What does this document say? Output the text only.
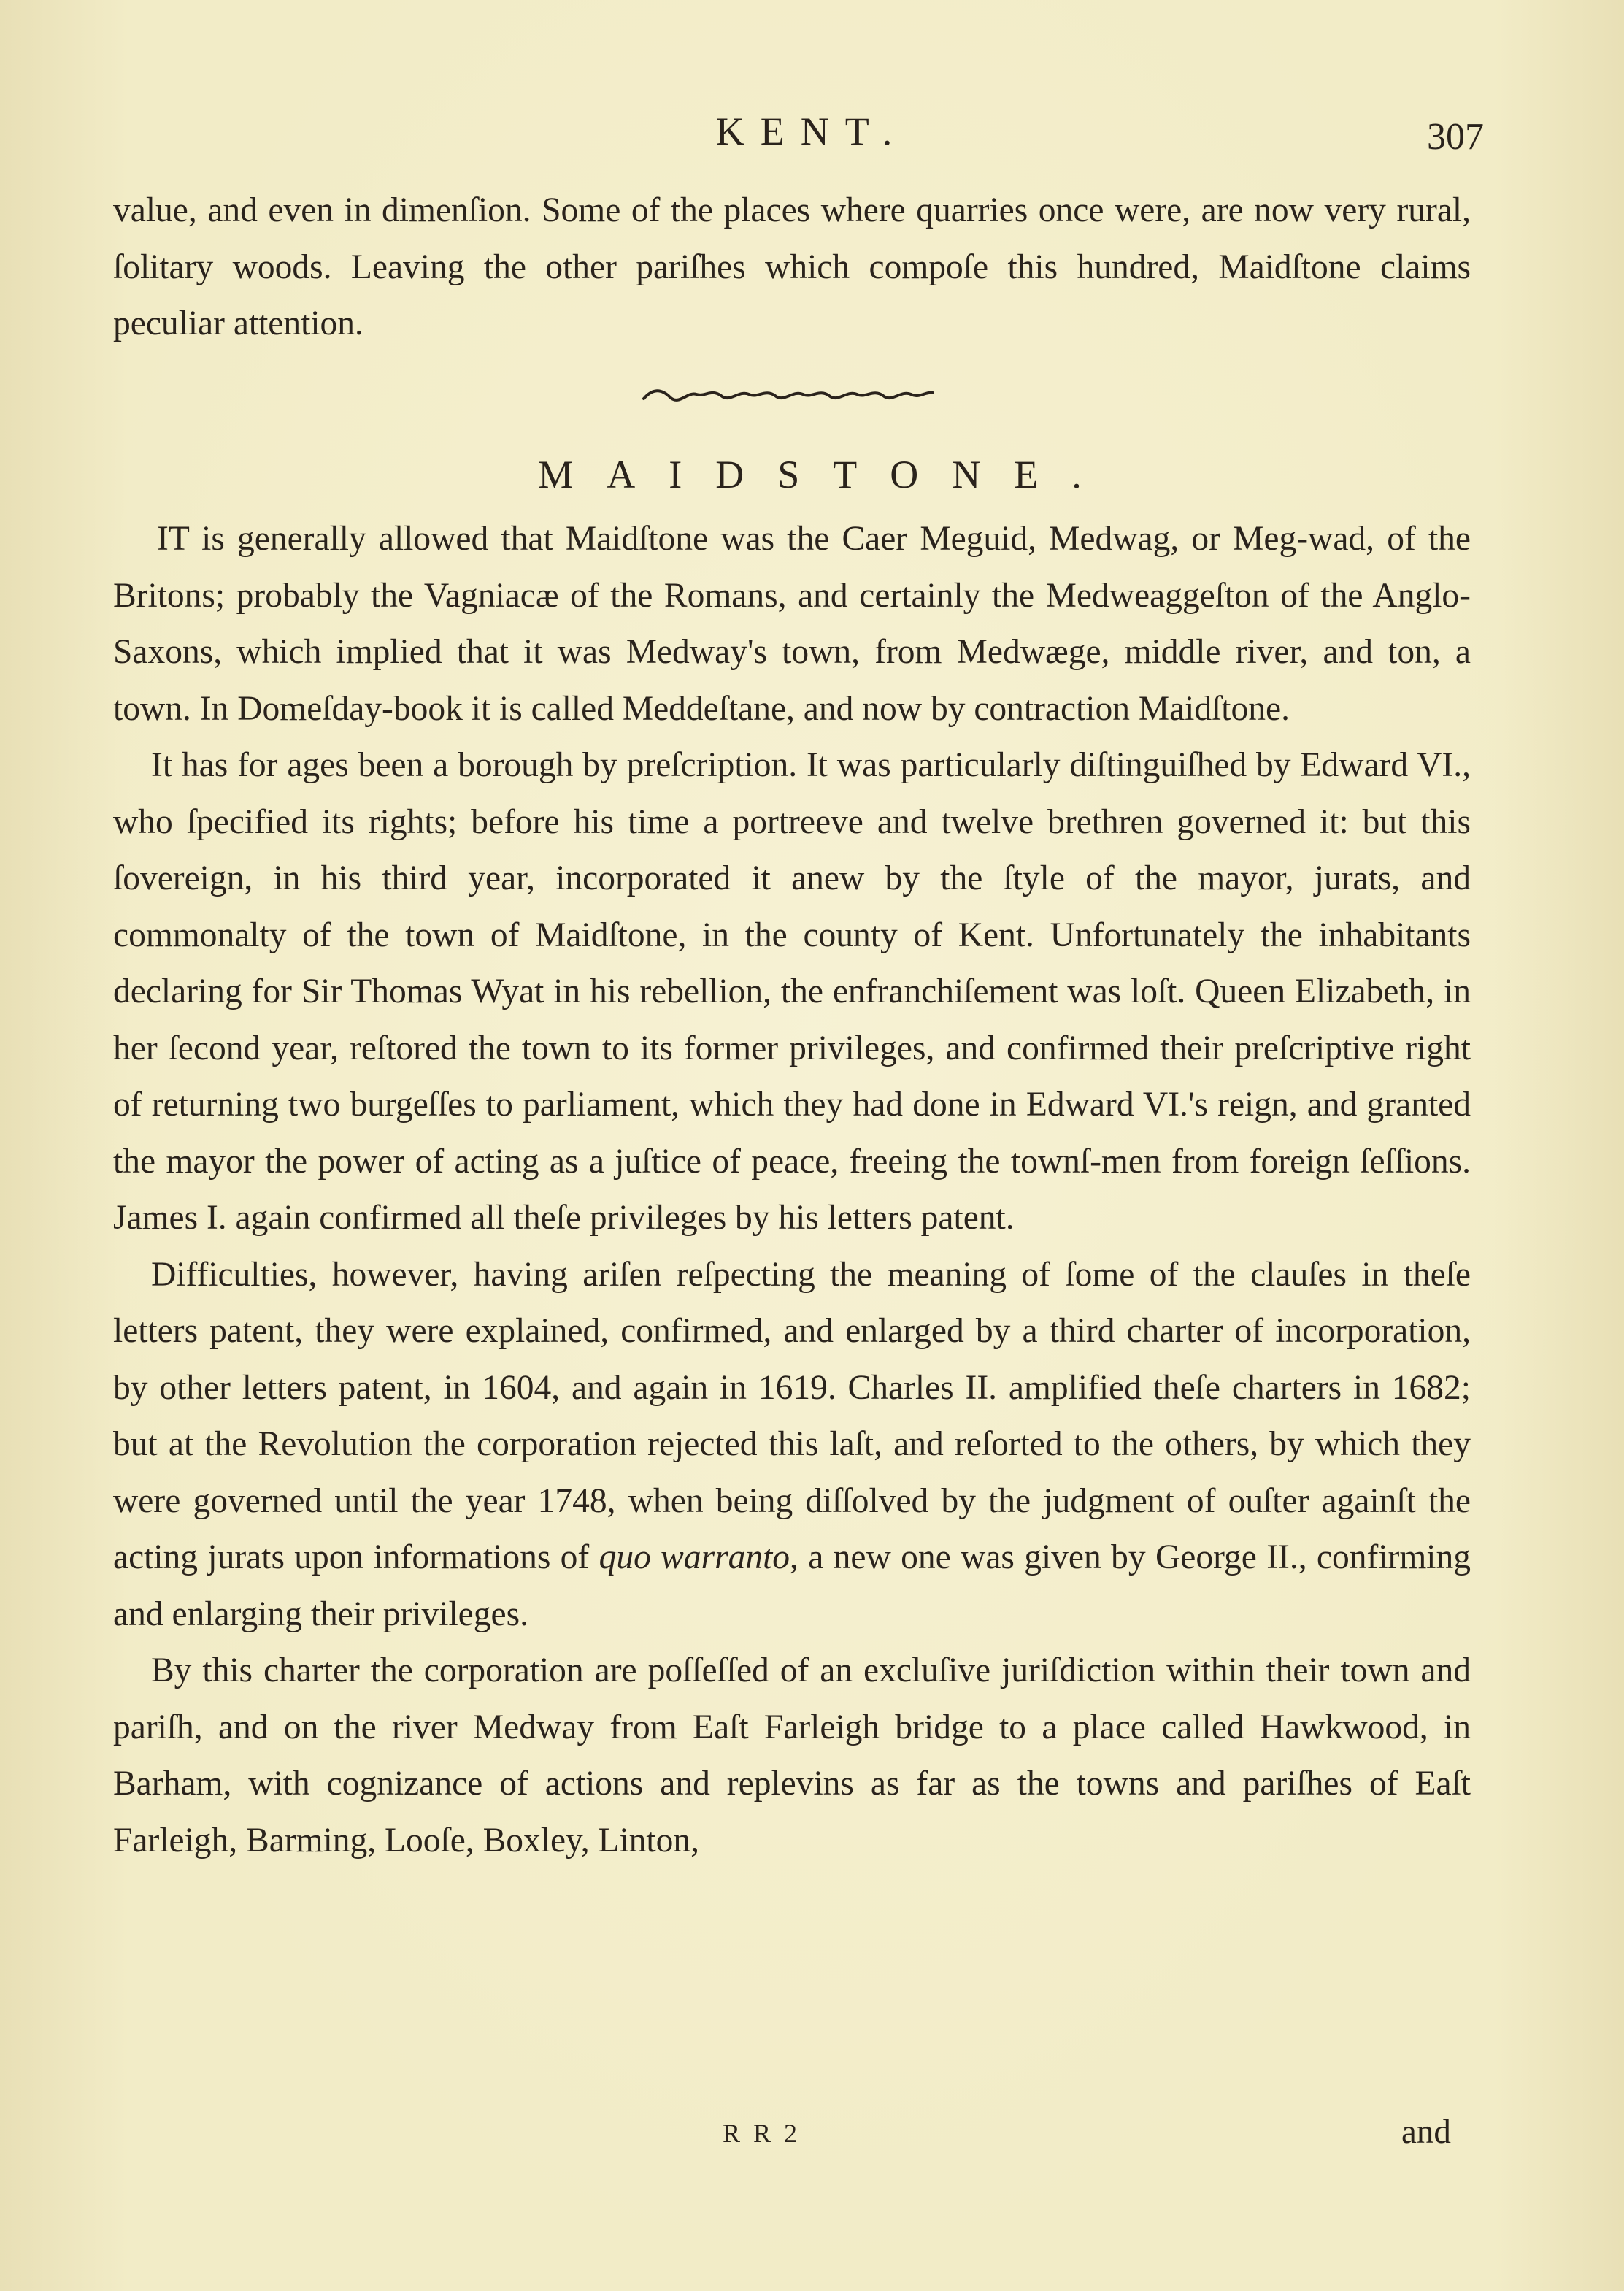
KENT.	307

value, and even in dimenſion. Some of the places where quarries once were, are now very rural, ſolitary woods. Leaving the other pariſhes which compoſe this hundred, Maidſtone claims peculiar attention.

MAIDSTONE.

IT is generally allowed that Maidſtone was the Caer Meguid, Medwag, or Meg-wad, of the Britons; probably the Vagniacæ of the Romans, and certainly the Medweaggeſton of the Anglo-Saxons, which implied that it was Medway's town, from Medwæge, middle river, and ton, a town. In Domeſday-book it is called Meddeſtane, and now by contraction Maidſtone.

It has for ages been a borough by preſcription. It was particularly diſtinguiſhed by Edward VI., who ſpecified its rights; before his time a portreeve and twelve brethren governed it: but this ſovereign, in his third year, incorporated it anew by the ſtyle of the mayor, jurats, and commonalty of the town of Maidſtone, in the county of Kent. Unfortunately the inhabitants declaring for Sir Thomas Wyat in his rebellion, the enfranchiſement was loſt. Queen Elizabeth, in her ſecond year, reſtored the town to its former privileges, and confirmed their preſcriptive right of returning two burgeſſes to parliament, which they had done in Edward VI.'s reign, and granted the mayor the power of acting as a juſtice of peace, freeing the townſ-men from foreign ſeſſions. James I. again confirmed all theſe privileges by his letters patent.

Difficulties, however, having ariſen reſpecting the meaning of ſome of the clauſes in theſe letters patent, they were explained, confirmed, and enlarged by a third charter of incorporation, by other letters patent, in 1604, and again in 1619. Charles II. amplified theſe charters in 1682; but at the Revolution the corporation rejected this laſt, and reſorted to the others, by which they were governed until the year 1748, when being diſſolved by the judgment of ouſter againſt the acting jurats upon informations of quo warranto, a new one was given by George II., confirming and enlarging their privileges.

By this charter the corporation are poſſeſſed of an excluſive juriſdiction within their town and pariſh, and on the river Medway from Eaſt Farleigh bridge to a place called Hawkwood, in Barham, with cognizance of actions and replevins as far as the towns and pariſhes of Eaſt Farleigh, Barming, Looſe, Boxley, Linton,

RR2	and
